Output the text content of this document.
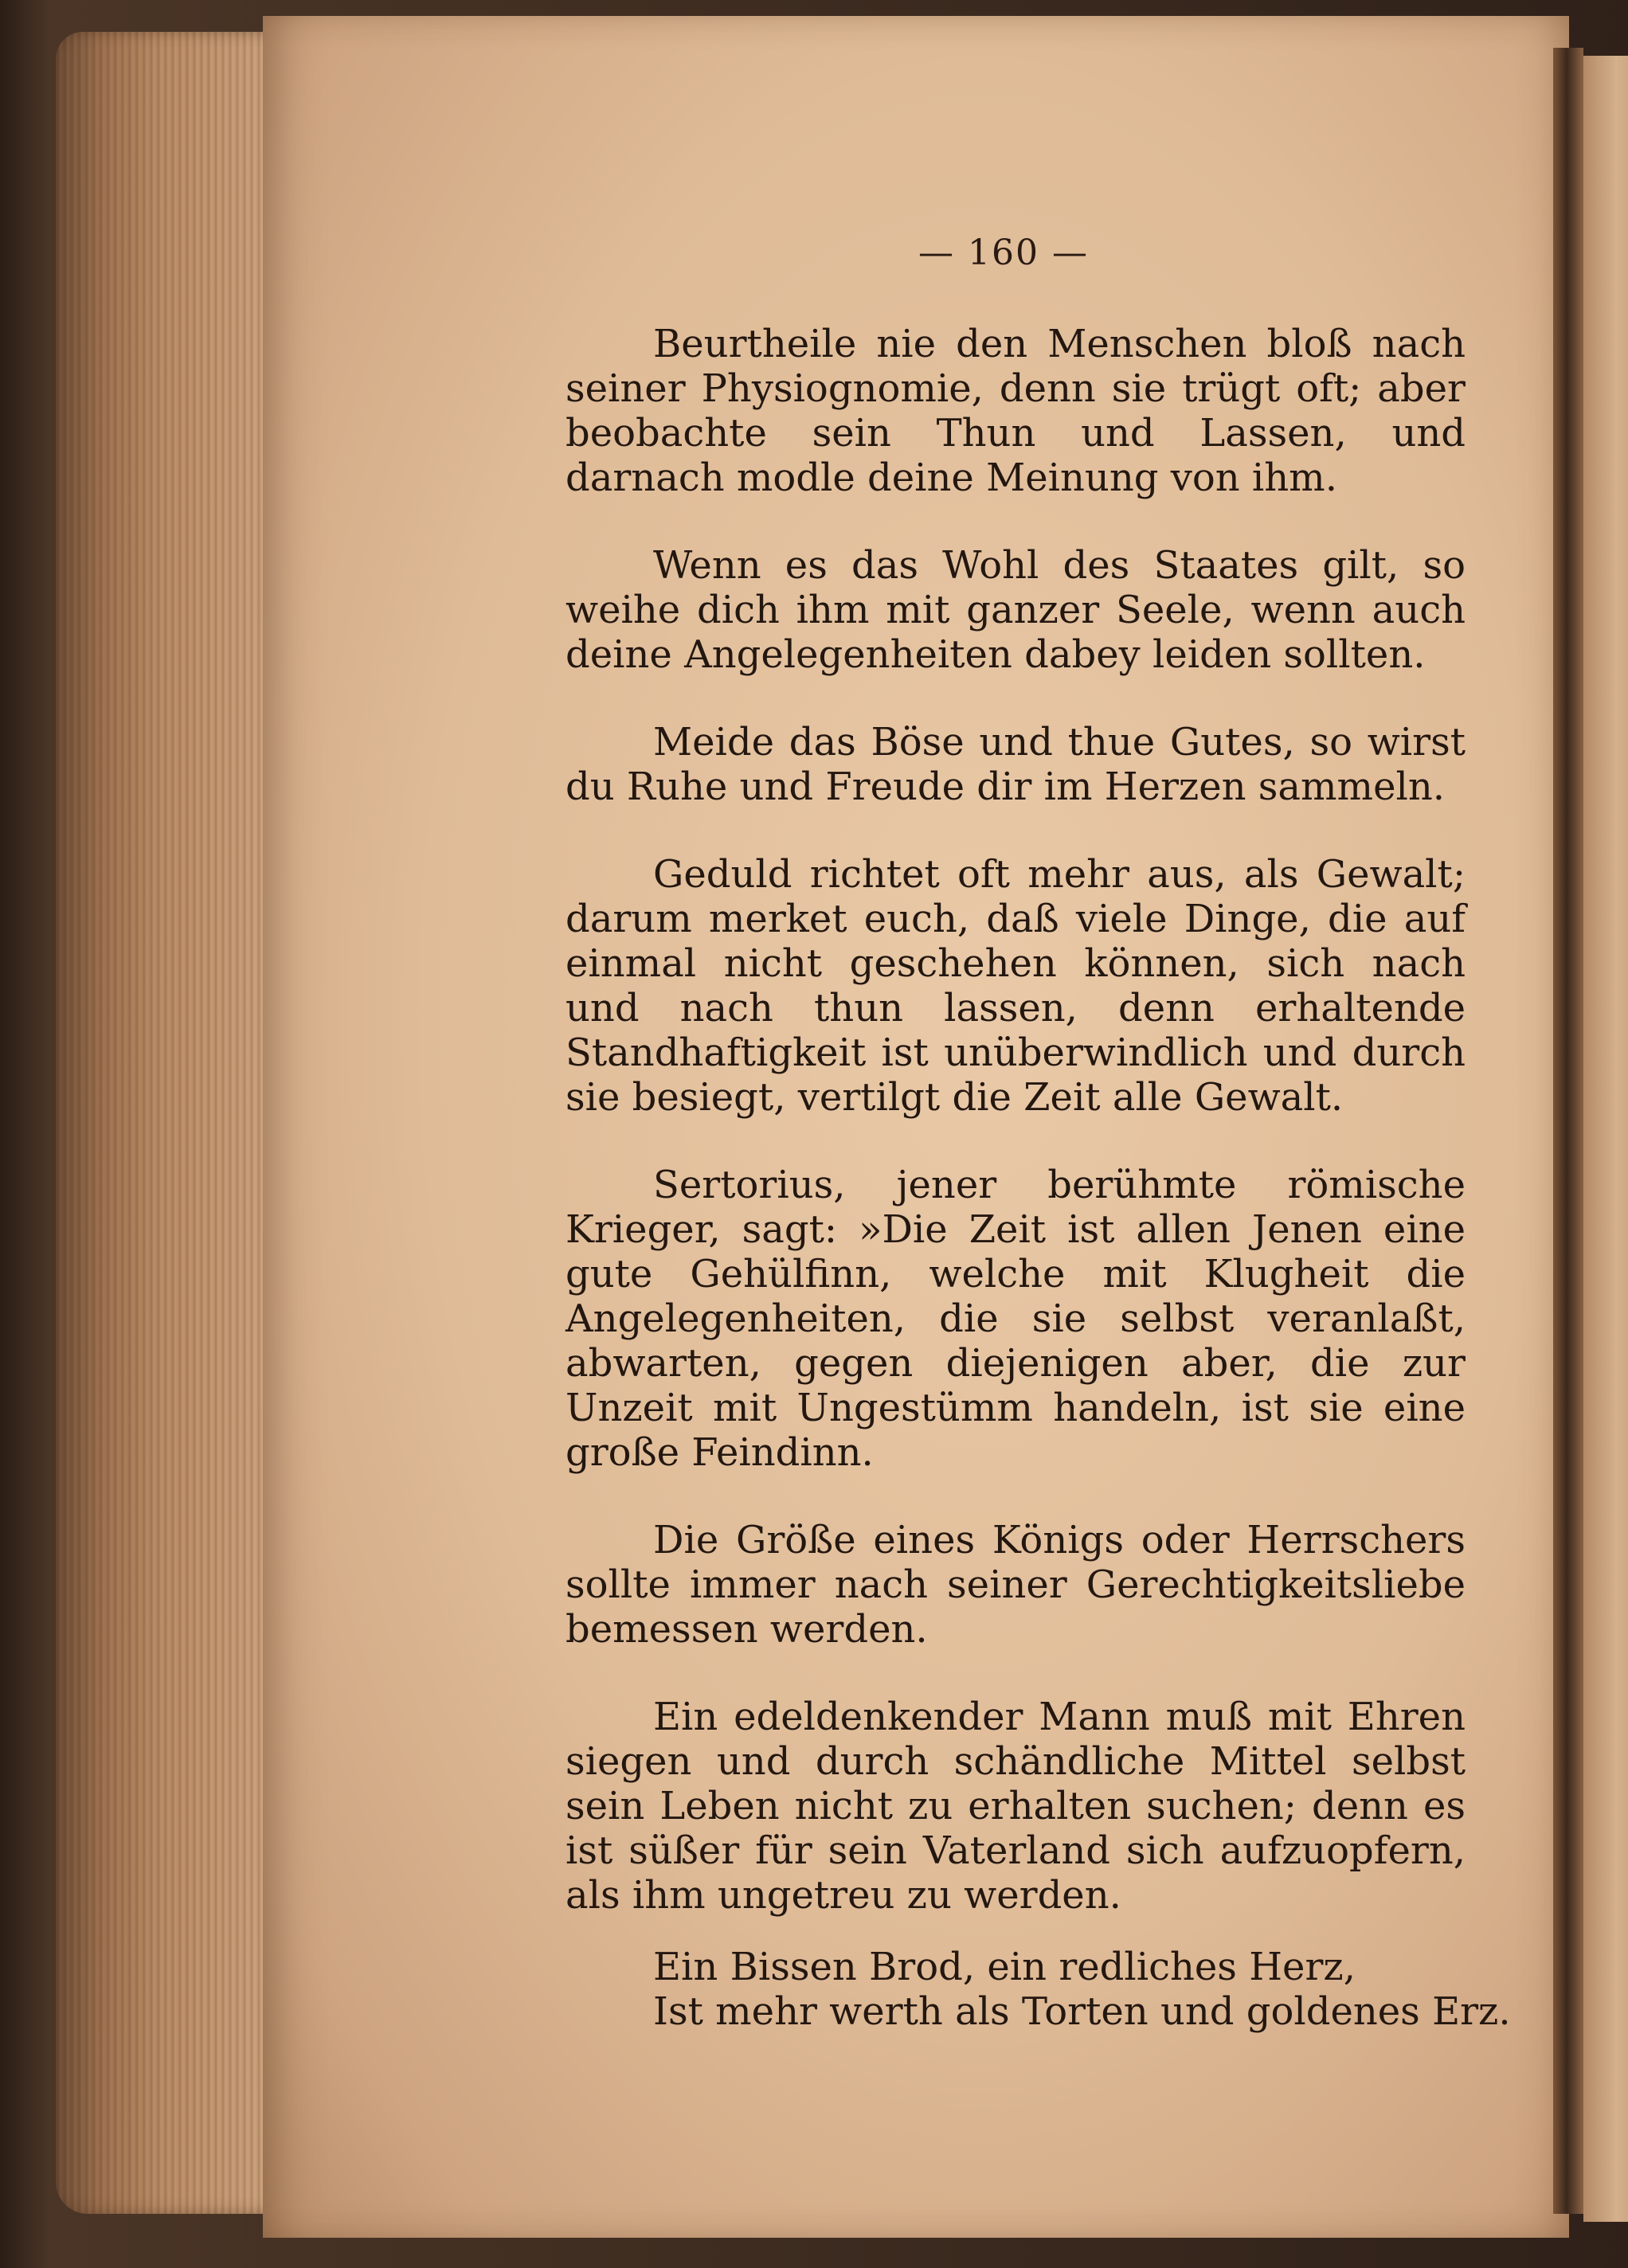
— 160 —

Beurtheile nie den Menschen bloß nach seiner Physiognomie, denn sie trügt oft; aber beobachte sein Thun und Lassen, und darnach modle deine Meinung von ihm.

Wenn es das Wohl des Staates gilt, so weihe dich ihm mit ganzer Seele, wenn auch deine Angelegenheiten dabey leiden sollten.

Meide das Böse und thue Gutes, so wirst du Ruhe und Freude dir im Herzen sammeln.

Geduld richtet oft mehr aus, als Gewalt; darum merket euch, daß viele Dinge, die auf einmal nicht geschehen können, sich nach und nach thun lassen, denn erhaltende Standhaftigkeit ist unüberwindlich und durch sie besiegt, vertilgt die Zeit alle Gewalt.

Sertorius, jener berühmte römische Krieger, sagt: »Die Zeit ist allen Jenen eine gute Gehülfinn, welche mit Klugheit die Angelegenheiten, die sie selbst veranlaßt, abwarten, gegen diejenigen aber, die zur Unzeit mit Ungestümm handeln, ist sie eine große Feindinn.

Die Größe eines Königs oder Herrschers sollte immer nach seiner Gerechtigkeitsliebe bemessen werden.

Ein edeldenkender Mann muß mit Ehren siegen und durch schändliche Mittel selbst sein Leben nicht zu erhalten suchen; denn es ist süßer für sein Vaterland sich aufzuopfern, als ihm ungetreu zu werden.

Ein Bissen Brod, ein redliches Herz,
Ist mehr werth als Torten und goldenes Erz.
